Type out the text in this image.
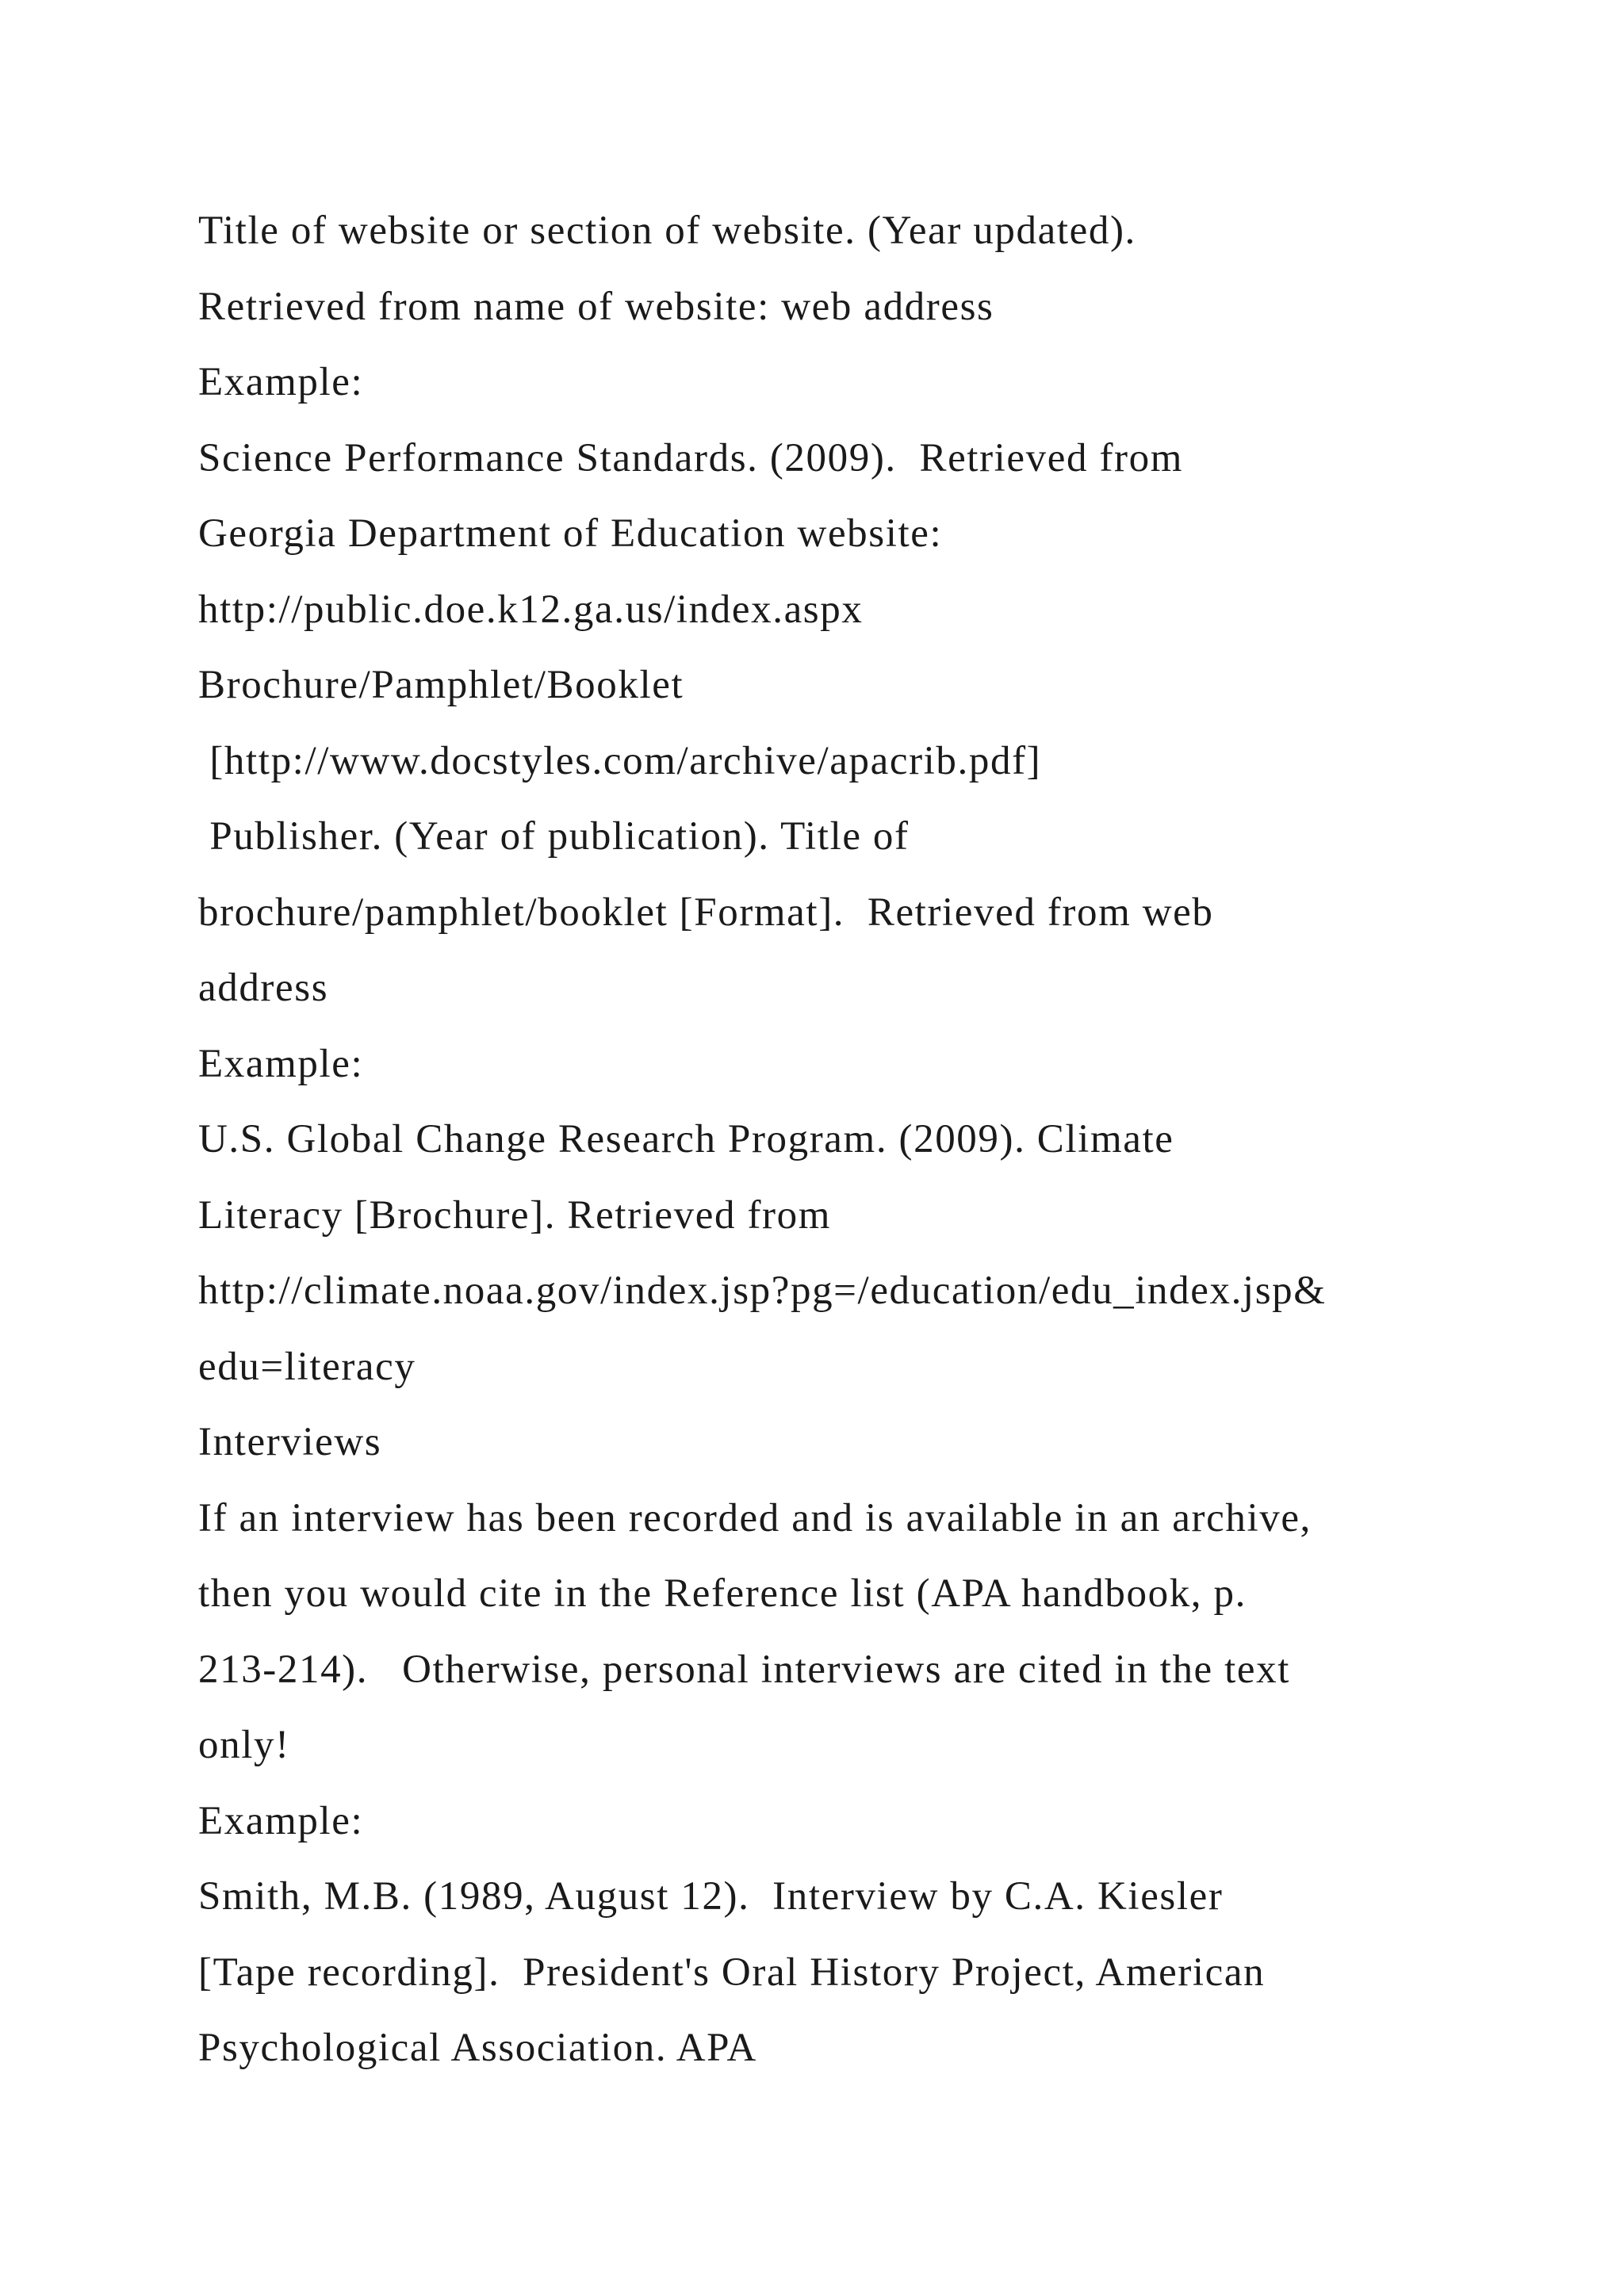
Title of website or section of website. (Year updated).
Retrieved from name of website: web address
Example:
Science Performance Standards. (2009).  Retrieved from
Georgia Department of Education website:
http://public.doe.k12.ga.us/index.aspx
Brochure/Pamphlet/Booklet
[http://www.docstyles.com/archive/apacrib.pdf]
Publisher. (Year of publication). Title of
brochure/pamphlet/booklet [Format].  Retrieved from web
address
Example:
U.S. Global Change Research Program. (2009). Climate
Literacy [Brochure]. Retrieved from
http://climate.noaa.gov/index.jsp?pg=/education/edu_index.jsp&
edu=literacy
Interviews
If an interview has been recorded and is available in an archive,
then you would cite in the Reference list (APA handbook, p.
213-214).   Otherwise, personal interviews are cited in the text
only!
Example:
Smith, M.B. (1989, August 12).  Interview by C.A. Kiesler
[Tape recording].  President's Oral History Project, American
Psychological Association. APA
